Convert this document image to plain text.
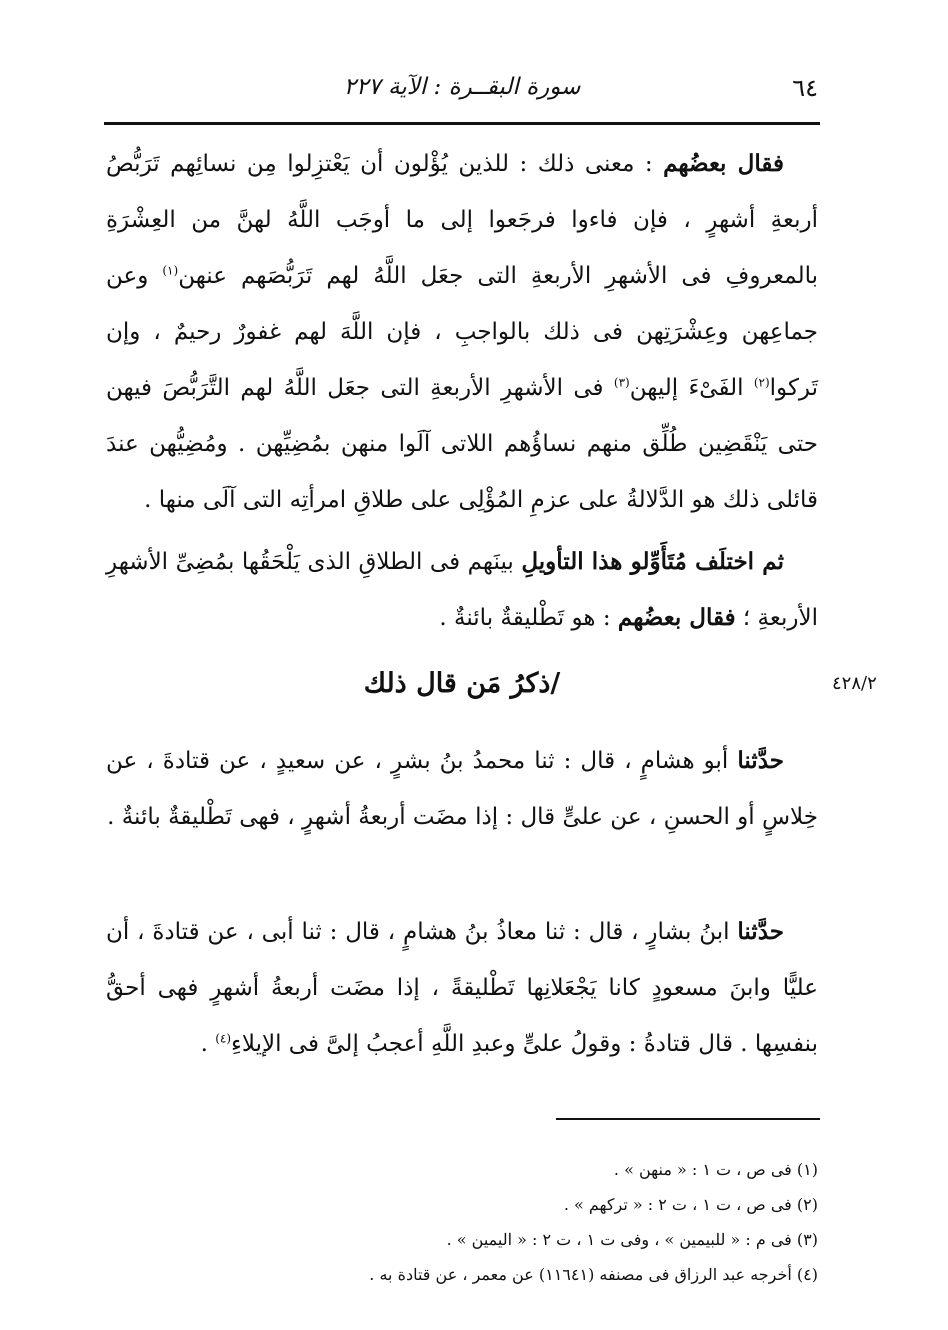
٦٤
سورة البقــرة : الآية ٢٢٧

فقال بعضُهم : معنى ذلك : للذين يُؤْلون أن يَعْتزِلوا مِن نسائِهم تَرَبُّصُ أربعةِ أشهرٍ ، فإن فاءوا فرجَعوا إلى ما أوجَب اللَّهُ لهنَّ من العِشْرَةِ بالمعروفِ فى الأشهرِ الأربعةِ التى جعَل اللَّهُ لهم تَرَبُّصَهم عنهن$^{(١)}$ وعن جماعِهن وعِشْرَتِهن فى ذلك بالواجبِ ، فإن اللَّهَ لهم غفورٌ رحيمٌ ، وإن تَركوا$^{(٢)}$ الفَىْءَ إليهن$^{(٣)}$ فى الأشهرِ الأربعةِ التى جعَل اللَّهُ لهم التَّرَبُّصَ فيهن حتى يَنْقَضِين طُلِّق منهم نساؤُهم اللاتى آلَوا منهن بمُضِيِّهن . ومُضِيُّهن عندَ قائلى ذلك هو الدَّلالةُ على عزمِ المُؤْلِى على طلاقِ امرأتِه التى آلَى منها .

ثم اختلَف مُتَأَوِّلو هذا التأويلِ بينَهم فى الطلاقِ الذى يَلْحَقُها بمُضِىِّ الأشهرِ الأربعةِ ؛ فقال بعضُهم : هو تَطْليقةٌ بائنةٌ .

/ذكرُ مَن قال ذلك	٤٢٨/٢

حدَّثنا أبو هشامٍ ، قال : ثنا محمدُ بنُ بشرٍ ، عن سعيدٍ ، عن قتادةَ ، عن خِلاسٍ أو الحسنِ ، عن علىٍّ قال : إذا مضَت أربعةُ أشهرٍ ، فهى تَطْليقةٌ بائنةٌ .

حدَّثنا ابنُ بشارٍ ، قال : ثنا معاذُ بنُ هشامٍ ، قال : ثنا أبى ، عن قتادةَ ، أن عليًّا وابنَ مسعودٍ كانا يَجْعَلانِها تَطْليقةً ، إذا مضَت أربعةُ أشهرٍ فهى أحقُّ بنفسِها . قال قتادةُ : وقولُ علىٍّ وعبدِ اللَّهِ أعجبُ إلىَّ فى الإيلاءِ$^{(٤)}$ .

(١) فى ص ، ت ١ : « منهن » .
(٢) فى ص ، ت ١ ، ت ٢ : « تركهم » .
(٣) فى م : « للبيمين » ، وفى ت ١ ، ت ٢ : « اليمين » .
(٤) أخرجه عبد الرزاق فى مصنفه (١١٦٤١) عن معمر ، عن قتادة به .
